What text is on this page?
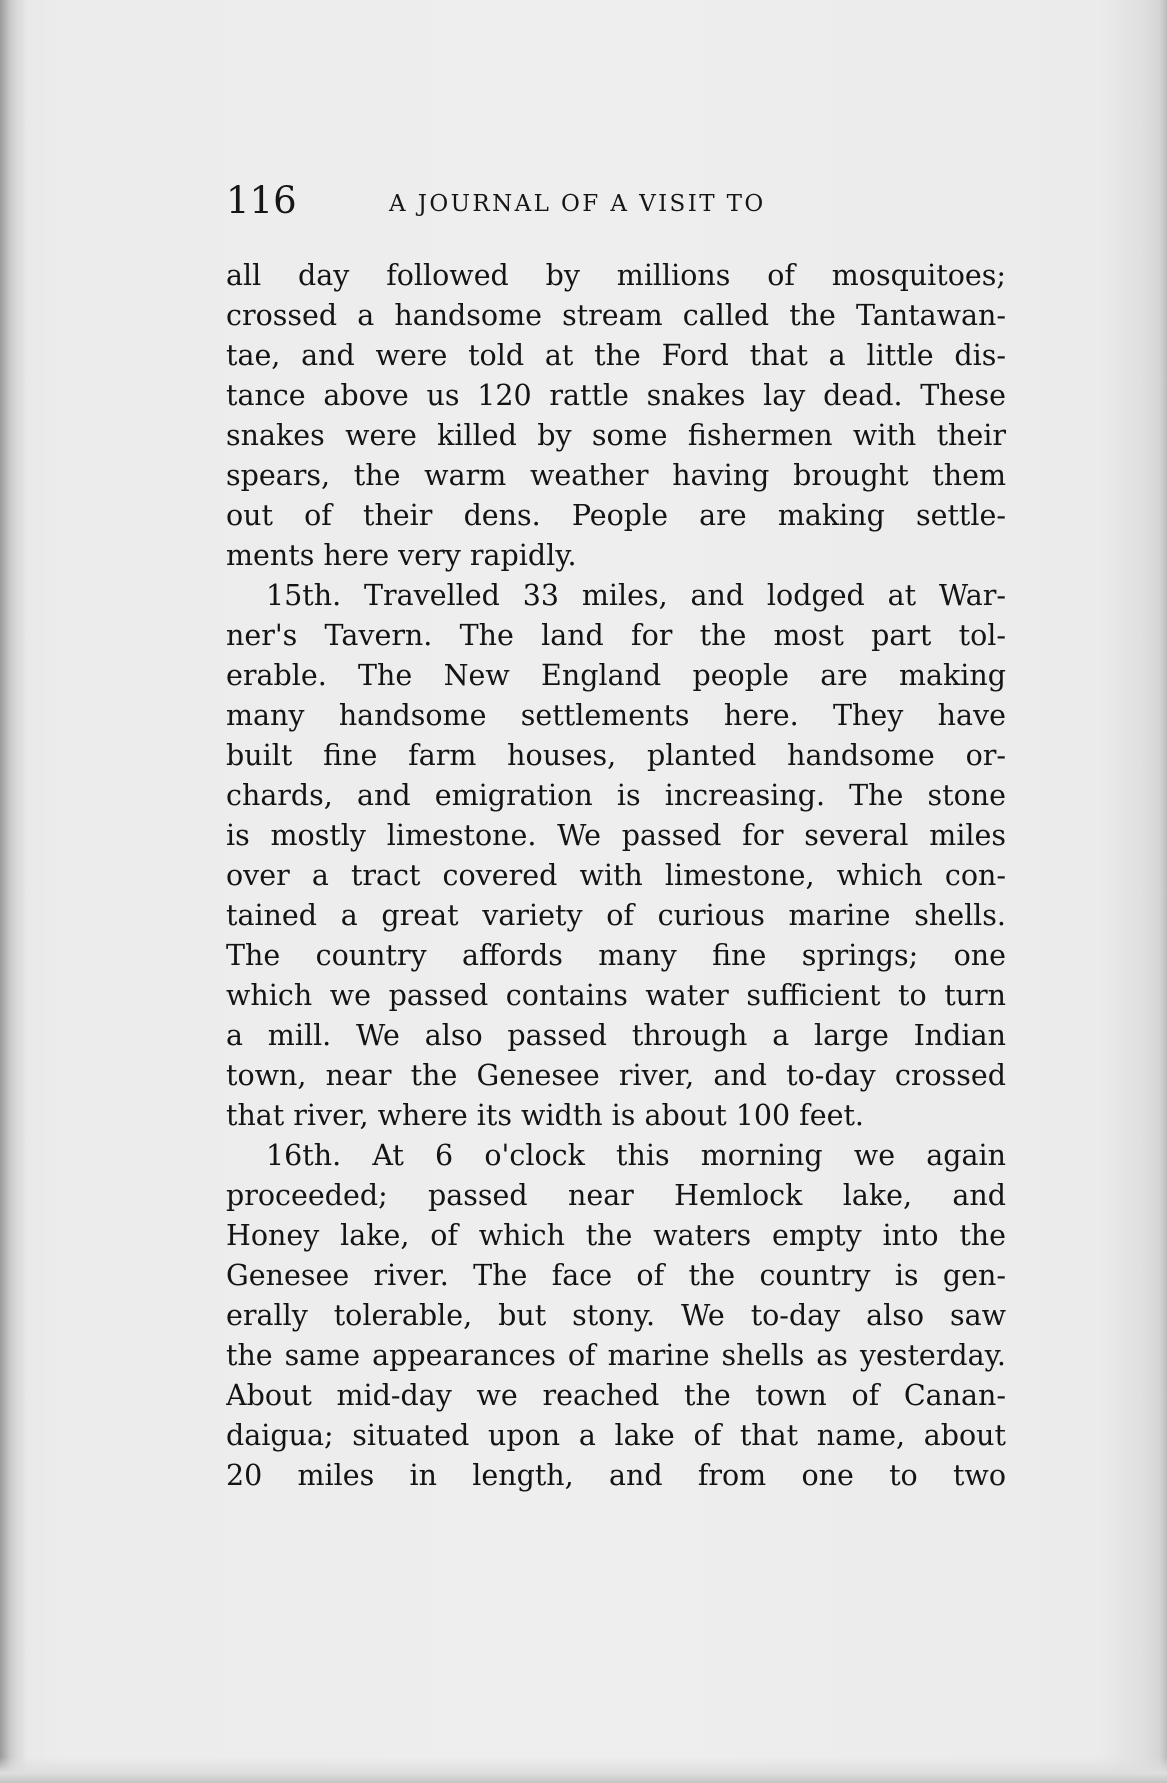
116	A JOURNAL OF A VISIT TO
all day followed by millions of mosquitoes;
crossed a handsome stream called the Tantawan-
tae, and were told at the Ford that a little dis-
tance above us 120 rattle snakes lay dead. These
snakes were killed by some fishermen with their
spears, the warm weather having brought them
out of their dens. People are making settle-
ments here very rapidly.
15th. Travelled 33 miles, and lodged at War-
ner's Tavern. The land for the most part tol-
erable. The New England people are making
many handsome settlements here. They have
built fine farm houses, planted handsome or-
chards, and emigration is increasing. The stone
is mostly limestone. We passed for several miles
over a tract covered with limestone, which con-
tained a great variety of curious marine shells.
The country affords many fine springs; one
which we passed contains water sufficient to turn
a mill. We also passed through a large Indian
town, near the Genesee river, and to-day crossed
that river, where its width is about 100 feet.
16th. At 6 o'clock this morning we again
proceeded; passed near Hemlock lake, and
Honey lake, of which the waters empty into the
Genesee river. The face of the country is gen-
erally tolerable, but stony. We to-day also saw
the same appearances of marine shells as yesterday.
About mid-day we reached the town of Canan-
daigua; situated upon a lake of that name, about
20 miles in length, and from one to two
